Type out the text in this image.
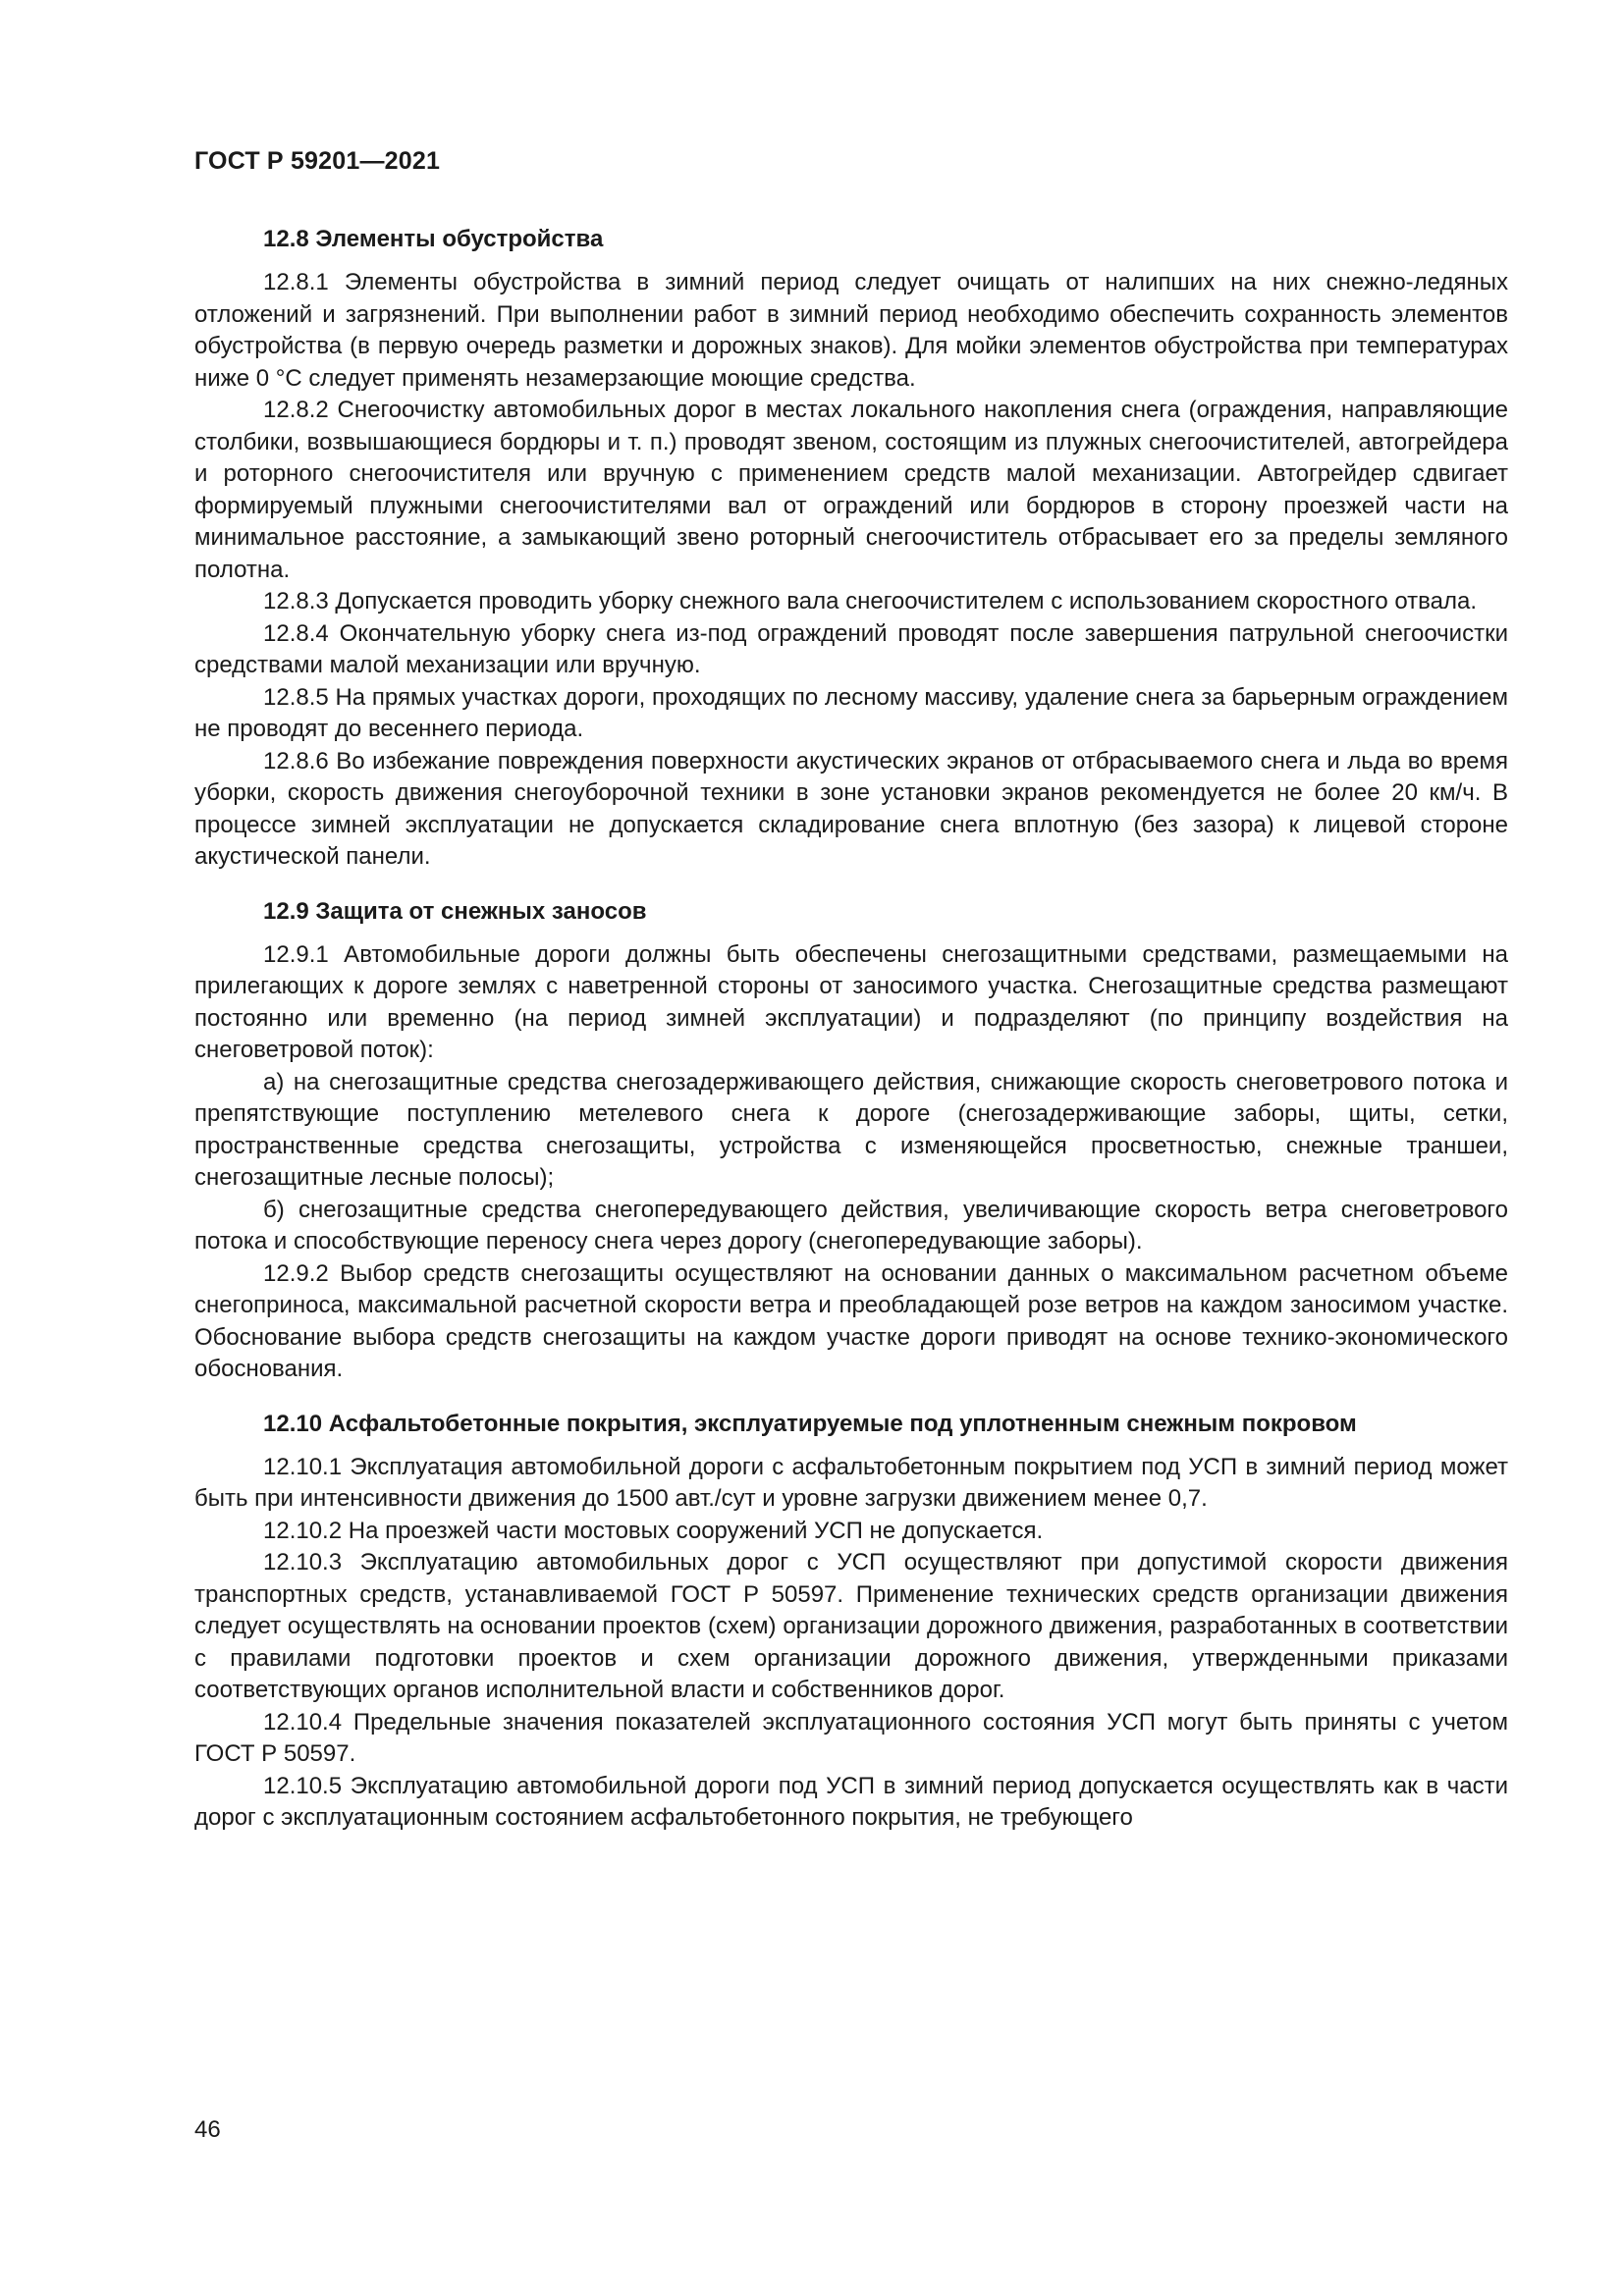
ГОСТ Р 59201—2021
12.8 Элементы обустройства

12.8.1 Элементы обустройства в зимний период следует очищать от налипших на них снежно-ледяных отложений и загрязнений. При выполнении работ в зимний период необходимо обеспечить сохранность элементов обустройства (в первую очередь разметки и дорожных знаков). Для мойки элементов обустройства при температурах ниже 0 °С следует применять незамерзающие моющие средства.

12.8.2 Снегоочистку автомобильных дорог в местах локального накопления снега (ограждения, направляющие столбики, возвышающиеся бордюры и т. п.) проводят звеном, состоящим из плужных снегоочистителей, автогрейдера и роторного снегоочистителя или вручную с применением средств малой механизации. Автогрейдер сдвигает формируемый плужными снегоочистителями вал от ограждений или бордюров в сторону проезжей части на минимальное расстояние, а замыкающий звено роторный снегоочиститель отбрасывает его за пределы земляного полотна.

12.8.3 Допускается проводить уборку снежного вала снегоочистителем с использованием скоростного отвала.

12.8.4 Окончательную уборку снега из-под ограждений проводят после завершения патрульной снегоочистки средствами малой механизации или вручную.

12.8.5 На прямых участках дороги, проходящих по лесному массиву, удаление снега за барьерным ограждением не проводят до весеннего периода.

12.8.6 Во избежание повреждения поверхности акустических экранов от отбрасываемого снега и льда во время уборки, скорость движения снегоуборочной техники в зоне установки экранов рекомендуется не более 20 км/ч. В процессе зимней эксплуатации не допускается складирование снега вплотную (без зазора) к лицевой стороне акустической панели.

12.9 Защита от снежных заносов

12.9.1 Автомобильные дороги должны быть обеспечены снегозащитными средствами, размещаемыми на прилегающих к дороге землях с наветренной стороны от заносимого участка. Снегозащитные средства размещают постоянно или временно (на период зимней эксплуатации) и подразделяют (по принципу воздействия на снеговетровой поток):

а) на снегозащитные средства снегозадерживающего действия, снижающие скорость снеговетрового потока и препятствующие поступлению метелевого снега к дороге (снегозадерживающие заборы, щиты, сетки, пространственные средства снегозащиты, устройства с изменяющейся просветностью, снежные траншеи, снегозащитные лесные полосы);

б) снегозащитные средства снегопередувающего действия, увеличивающие скорость ветра снеговетрового потока и способствующие переносу снега через дорогу (снегопередувающие заборы).

12.9.2 Выбор средств снегозащиты осуществляют на основании данных о максимальном расчетном объеме снегоприноса, максимальной расчетной скорости ветра и преобладающей розе ветров на каждом заносимом участке. Обоснование выбора средств снегозащиты на каждом участке дороги приводят на основе технико-экономического обоснования.

12.10 Асфальтобетонные покрытия, эксплуатируемые под уплотненным снежным покровом

12.10.1 Эксплуатация автомобильной дороги с асфальтобетонным покрытием под УСП в зимний период может быть при интенсивности движения до 1500 авт./сут и уровне загрузки движением менее 0,7.

12.10.2 На проезжей части мостовых сооружений УСП не допускается.

12.10.3 Эксплуатацию автомобильных дорог с УСП осуществляют при допустимой скорости движения транспортных средств, устанавливаемой ГОСТ Р 50597. Применение технических средств организации движения следует осуществлять на основании проектов (схем) организации дорожного движения, разработанных в соответствии с правилами подготовки проектов и схем организации дорожного движения, утвержденными приказами соответствующих органов исполнительной власти и собственников дорог.

12.10.4 Предельные значения показателей эксплуатационного состояния УСП могут быть приняты с учетом ГОСТ Р 50597.

12.10.5 Эксплуатацию автомобильной дороги под УСП в зимний период допускается осуществлять как в части дорог с эксплуатационным состоянием асфальтобетонного покрытия, не требующего

46
